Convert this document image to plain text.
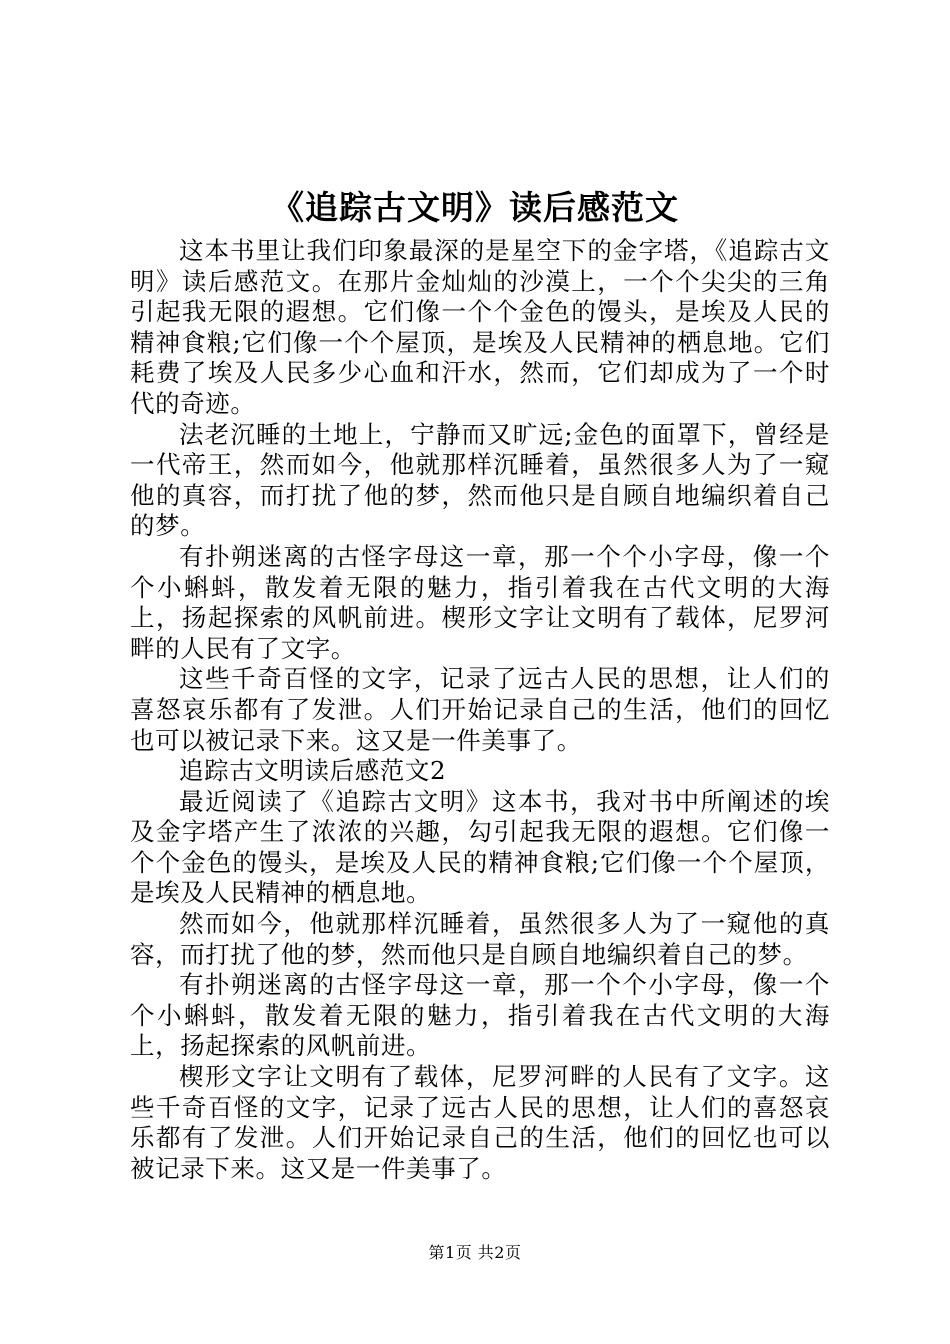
《追踪古文明》读后感范文

这本书里让我们印象最深的是星空下的金字塔，《追踪古文明》读后感范文。在那片金灿灿的沙漠上，一个个尖尖的三角引起我无限的遐想。它们像一个个金色的馒头，是埃及人民的精神食粮;它们像一个个屋顶，是埃及人民精神的栖息地。它们耗费了埃及人民多少心血和汗水，然而，它们却成为了一个时代的奇迹。

法老沉睡的土地上，宁静而又旷远;金色的面罩下，曾经是一代帝王，然而如今，他就那样沉睡着，虽然很多人为了一窥他的真容，而打扰了他的梦，然而他只是自顾自地编织着自己的梦。

有扑朔迷离的古怪字母这一章，那一个个小字母，像一个个小蝌蚪，散发着无限的魅力，指引着我在古代文明的大海上，扬起探索的风帆前进。楔形文字让文明有了载体，尼罗河畔的人民有了文字。

这些千奇百怪的文字，记录了远古人民的思想，让人们的喜怒哀乐都有了发泄。人们开始记录自己的生活，他们的回忆也可以被记录下来。这又是一件美事了。

追踪古文明读后感范文2

最近阅读了《追踪古文明》这本书，我对书中所阐述的埃及金字塔产生了浓浓的兴趣，勾引起我无限的遐想。它们像一个个金色的馒头，是埃及人民的精神食粮;它们像一个个屋顶，是埃及人民精神的栖息地。

然而如今，他就那样沉睡着，虽然很多人为了一窥他的真容，而打扰了他的梦，然而他只是自顾自地编织着自己的梦。

有扑朔迷离的古怪字母这一章，那一个个小字母，像一个个小蝌蚪，散发着无限的魅力，指引着我在古代文明的大海上，扬起探索的风帆前进。

楔形文字让文明有了载体，尼罗河畔的人民有了文字。这些千奇百怪的文字，记录了远古人民的思想，让人们的喜怒哀乐都有了发泄。人们开始记录自己的生活，他们的回忆也可以被记录下来。这又是一件美事了。

第1页 共2页
